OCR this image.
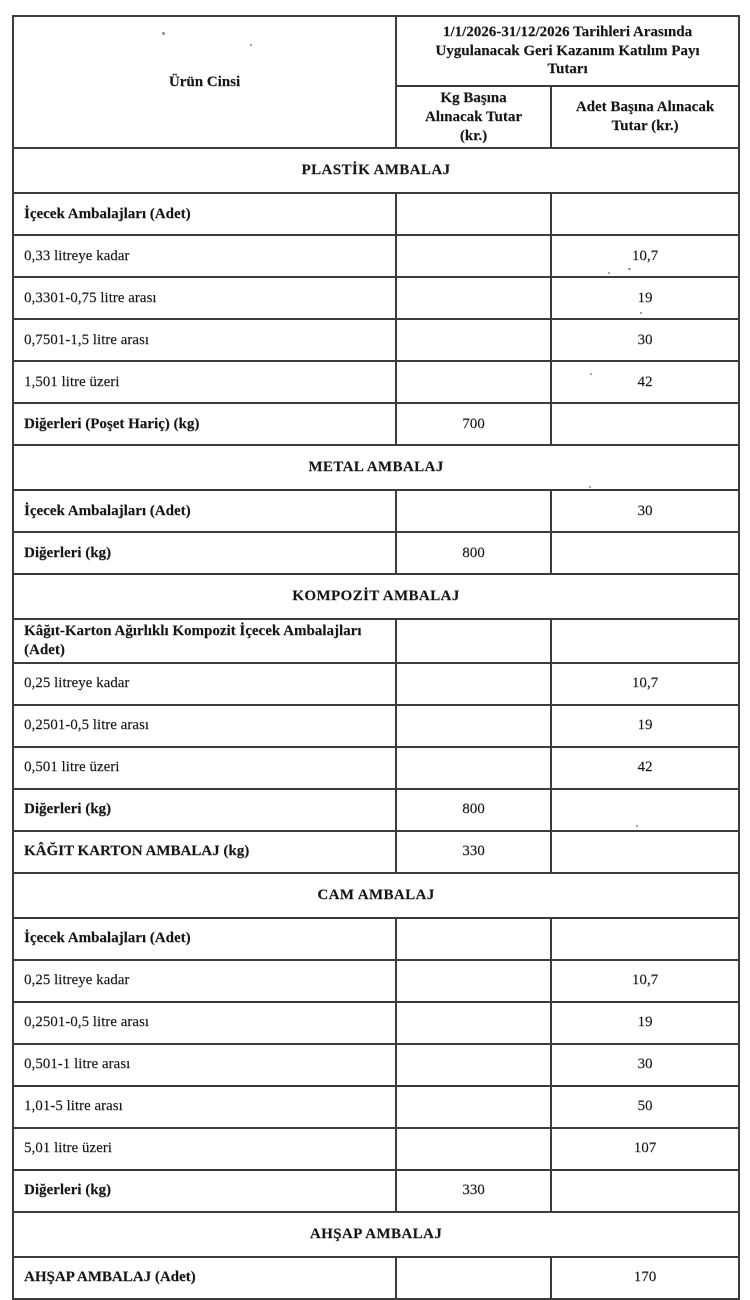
Ürün Cinsi	1/1/2026-31/12/2026 Tarihleri Arasında Uygulanacak Geri Kazanım Katılım Payı Tutarı	
	Kg Başına Alınacak Tutar (kr.)	Adet Başına Alınacak Tutar (kr.)
PLASTİK AMBALAJ		
İçecek Ambalajları (Adet)		
0,33 litreye kadar		10,7
0,3301-0,75 litre arası		19
0,7501-1,5 litre arası		30
1,501 litre üzeri		42
Diğerleri (Poşet Hariç) (kg)	700	
METAL AMBALAJ		
İçecek Ambalajları (Adet)		30
Diğerleri (kg)	800	
KOMPOZİT AMBALAJ		
Kâğıt-Karton Ağırlıklı Kompozit İçecek Ambalajları (Adet)		
0,25 litreye kadar		10,7
0,2501-0,5 litre arası		19
0,501 litre üzeri		42
Diğerleri (kg)	800	
KÂĞIT KARTON AMBALAJ (kg)	330	
CAM AMBALAJ		
İçecek Ambalajları (Adet)		
0,25 litreye kadar		10,7
0,2501-0,5 litre arası		19
0,501-1 litre arası		30
1,01-5 litre arası		50
5,01 litre üzeri		107
Diğerleri (kg)	330	
AHŞAP AMBALAJ		
AHŞAP AMBALAJ (Adet)		170
